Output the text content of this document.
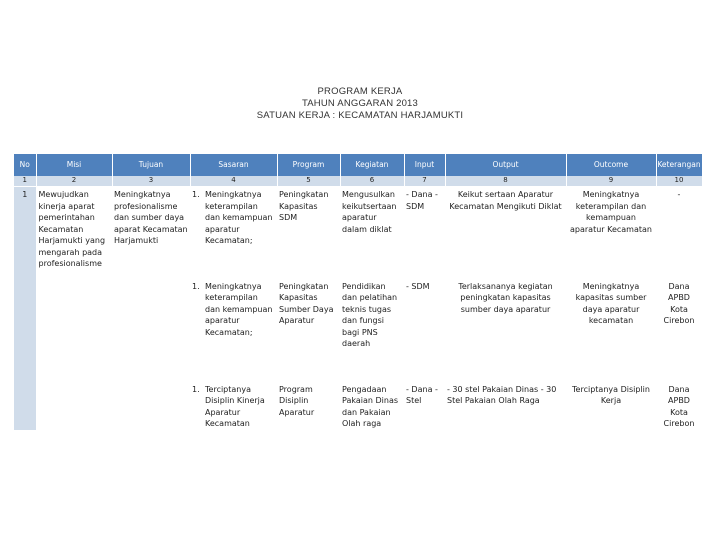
PROGRAM KERJA
TAHUN ANGGARAN 2013
SATUAN KERJA : KECAMATAN HARJAMUKTI
No	Misi	Tujuan	Sasaran	Program	Kegiatan	Input	Output	Outcome	Keterangan
1	2	3	4	5	6	7	8	9	10
1	Mewujudkan kinerja aparat pemerintahan Kecamatan Harjamukti yang mengarah pada profesionalisme	Meningkatnya profesionalisme dan sumber daya aparat Kecamatan Harjamukti	1. Meningkatnya keterampilan dan kemampuan aparatur Kecamatan;	Peningkatan Kapasitas SDM	Mengusulkan keikutsertaan aparatur dalam diklat	- Dana - SDM	Keikut sertaan Aparatur Kecamatan Mengikuti Diklat	Meningkatnya keterampilan dan kemampuan aparatur Kecamatan	-

			1. Meningkatnya keterampilan dan kemampuan aparatur Kecamatan;	Peningkatan Kapasitas Sumber Daya Aparatur	Pendidikan dan pelatihan teknis tugas dan fungsi bagi PNS daerah	- SDM	Terlaksananya kegiatan peningkatan kapasitas sumber daya aparatur	Meningkatnya kapasitas sumber daya aparatur kecamatan	Dana APBD Kota Cirebon

			1. Terciptanya Disiplin Kinerja Aparatur Kecamatan	Program Disiplin Aparatur	Pengadaan Pakaian Dinas dan Pakaian Olah raga	- Dana - Stel	- 30 stel Pakaian Dinas - 30 Stel Pakaian Olah Raga	Terciptanya Disiplin Kerja	Dana APBD Kota Cirebon
